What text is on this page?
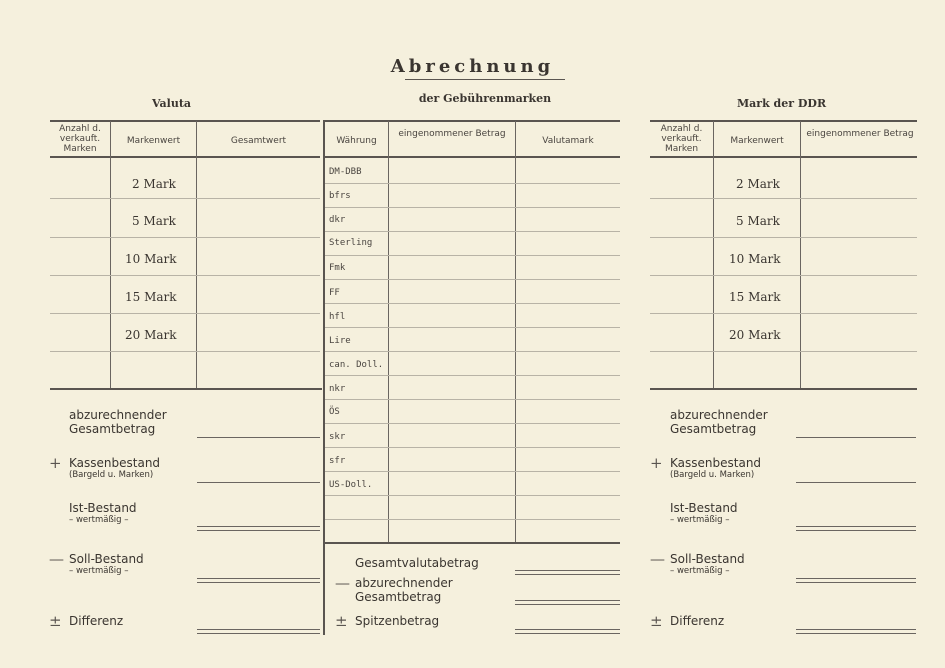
Abrechnung
der Gebührenmarken
Valuta	Mark der DDR
Anzahl d. verkauft. Marken
Markenwert	Gesamtwert
2 Mark
5 Mark
10 Mark
15 Mark
20 Mark
Währung
eingenommener Betrag
Valutamark
DM-DBB
bfrs
dkr
Sterling
Fmk
FF
hfl
Lire
can. Doll.
nkr
ÖS
skr
sfr
US-Doll.
Anzahl d. verkauft. Marken
Markenwert
eingenommener Betrag
2 Mark
5 Mark
10 Mark
15 Mark
20 Mark
abzurechnender
Gesamtbetrag
+ Kassenbestand
(Bargeld u. Marken)
Ist-Bestand
– wertmäßig –
— Soll-Bestand
– wertmäßig –
± Differenz
Gesamtvalutabetrag
— abzurechnender
Gesamtbetrag
± Spitzenbetrag
abzurechnender
Gesamtbetrag
+ Kassenbestand
(Bargeld u. Marken)
Ist-Bestand
– wertmäßig –
— Soll-Bestand
– wertmäßig –
± Differenz
